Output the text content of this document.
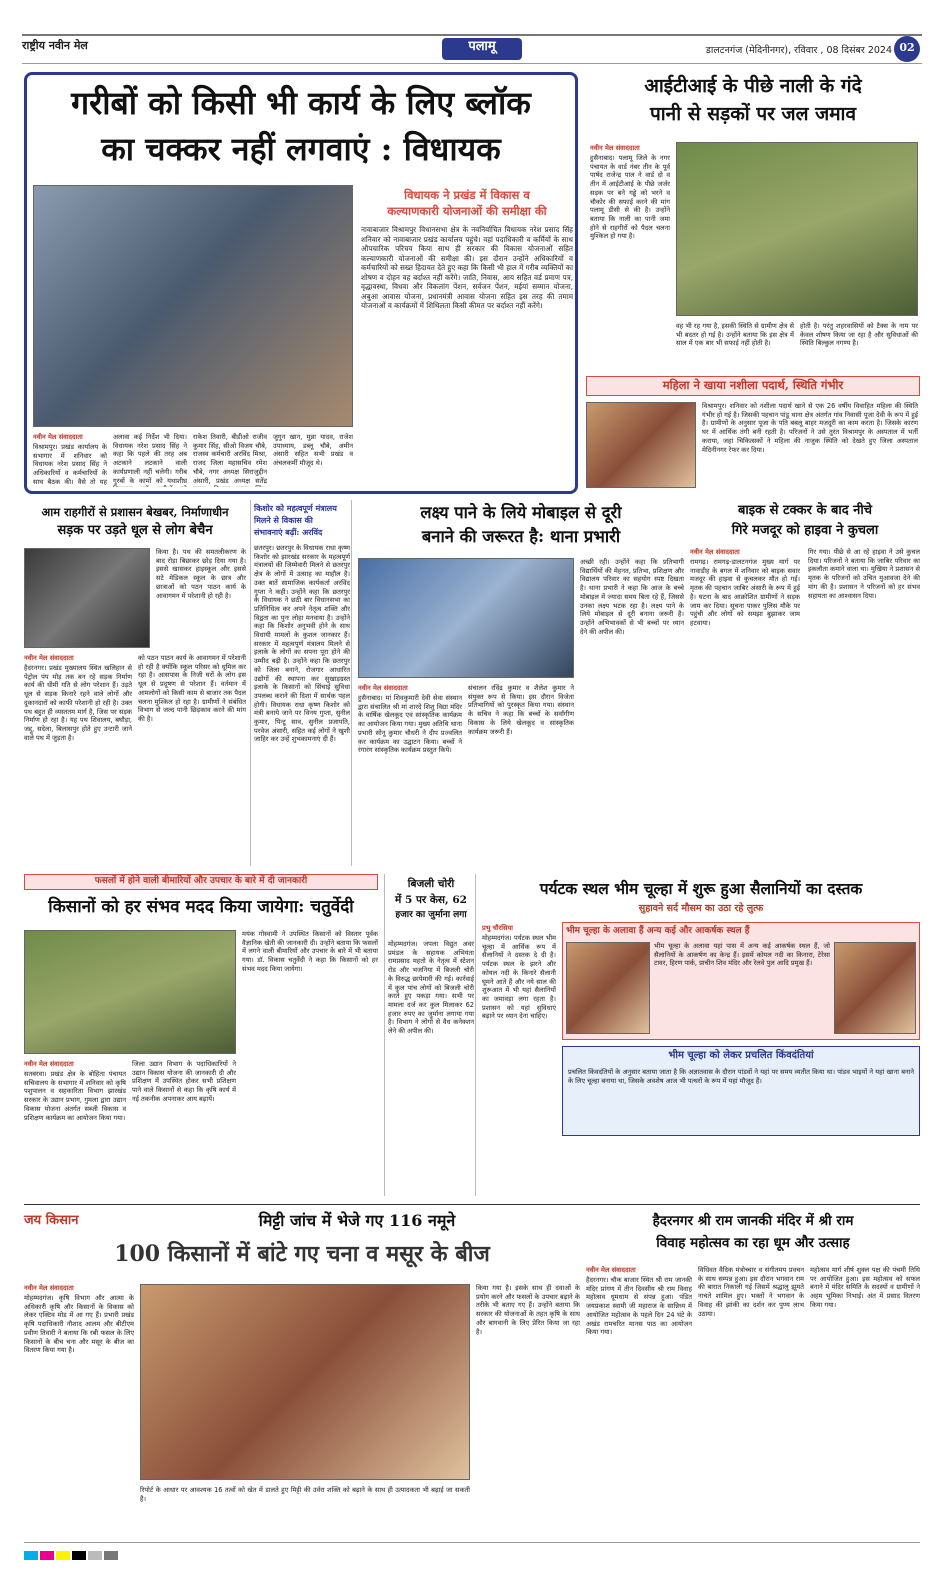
राष्ट्रीय नवीन मेल	पलामू	डालटनगंज (मेदिनीनगर), रविवार , 08 दिसंबर 2024 02
गरीबों को किसी भी कार्य के लिए ब्लॉक
का चक्कर नहीं लगवाएं : विधायक
विधायक ने प्रखंड में विकास व
कल्याणकारी योजनाओं की समीक्षा की
नावाबाजार विश्रामपुर विधानसभा क्षेत्र के नवनिर्वाचित विधायक नरेश प्रसाद सिंह शनिवार को नावाबाजार प्रखंड कार्यालय पहुंचे। वहां पदाधिकारी व कर्मियों के साथ औपचारिक परिचय किया साथ ही सरकार की विकास योजनाओं सहित कल्याणकारी योजनाओं की समीक्षा की। इस दौरान उन्होंने अधिकारियों व कर्मचारियों को सख्त हिदायत देते हुए कहा कि किसी भी हाल में गरीब व्यक्तियों का शोषण व दोहन वह बर्दाश्त नहीं करेंगे। जाति, निवास, आय सहित वर्ड प्रमाण पत्र, वृद्धावस्था, विधवा और विकलांग पेंशन, सर्वजन पेंशन, मईयां सम्मान योजना, अबुआ आवास योजना, प्रधानमंत्री आवास योजना सहित इस तरह की तमाम योजनाओं व कार्यक्रमों में शिथिलता किसी कीमत पर बर्दाश्त नहीं करेंगे।
नवीन मेल संवाददाता
विश्रामपुर। प्रखंड कार्यालय के सभागार में शनिवार को विधायक नरेश प्रसाद सिंह ने अधिकारियों व कर्मचारियों के साथ बैठक की। वैसे तो यह
अलावा कई निर्देश भी दिया। विधायक नरेश प्रसाद सिंह ने कहा कि पहले की तरह अब अटकाने लटकाने वाली कार्यप्रणाली नहीं चलेगी। गरीब गुरबों के कामों को यथाशीघ्र
राकेश तिवारी, बीडीओ राजीव कुमार सिंह, सीओ विजय चौबे, राजस्व कर्मचारी अरविंद मिश्रा, राजद जिला महासचिव रमेश चौबे, नगर अध्यक्ष सिराजुद्दीन अंसारी, प्रखंड अध्यक्ष सतेंद्र
जुगुन खान, मुन्ना यादव, राजेश उपाध्याय, डब्लू चौबे, अमीन अंसारी सहित सभी प्रखंड व अंचलकर्मी मौजूद थे।
आईटीआई के पीछे नाली के गंदे
पानी से सड़कों पर जल जमाव
नवीन मेल संवाददाता
हुसैनाबाद। पलामू जिले के नगर पंचायत के वार्ड नंबर तीन के पूर्व पार्षद राजेन्द्र पाल ने वार्ड दो व तीन में आईटीआई के पीछे जर्जर सड़क पर बने गड्ढे को भरने व चौकोर की सफाई करने की मांग पलामू डीसी से की है। उन्होंने बताया कि नाली का पानी जमा होने से राहगीरों को पैदल चलना मुश्किल हो गया है।
वह भी रह गया है, इसकी स्थिति से ग्रामीण क्षेत्र से भी बदतर हो गई है। उन्होंने बताया कि इस क्षेत्र में साल में एक बार भी सफाई नहीं होती है।
होती है। परंतु शहरवासियों को टैक्स के नाम पर केवल शोषण किया जा रहा है और सुविधाओं की स्थिति बिल्कुल नगण्य है।
महिला ने खाया नशीला पदार्थ, स्थिति गंभीर
विश्रामपुर। शनिवार को नशीला पदार्थ खाने से एक 26 वर्षीय विवाहित महिला की स्थिति गंभीर हो गई है। जिसकी पहचान पांडू थाना क्षेत्र अंतर्गत गांव निवासी पूजा देवी के रूप में हुई है। ग्रामीणों के अनुसार पूजा के पति बबलू बाहर मजदूरी का काम करता है। जिसके कारण घर में आर्थिक तंगी बनी रहती है। परिजनों ने उसे तुरंत विश्रामपुर के अस्पताल में भर्ती कराया, जहां चिकित्सकों ने महिला की नाजुक स्थिति को देखते हुए जिला अस्पताल मेदिनीनगर रेफर कर दिया।
आम राहगीरों से प्रशासन बेखबर, निर्माणाधीन
सड़क पर उड़ते धूल से लोग बेचैन
किया है। पथ की समतलीकरण के बाद रोड़ा बिछाकर छोड़ दिया गया है। इससे खासकर हाइस्कूल और इससे सटे मेडिकल स्कूल के छात्र और छात्राओं को पठन पाठन कार्य के आवागमन में परेशानी हो रही है।
नवीन मेल संवाददाता
हैदरनगर। प्रखंड मुख्यालय स्थित खलिहान से पेट्रोल पंप मोड़ तक बन रहे सड़क निर्माण कार्य की धीमी गति से लोग परेशान हैं। उड़ते धूल से सड़क किनारे रहने वाले लोगों और दुकानदारों को काफी परेशानी हो रही है। उक्त पथ बहुत ही व्यस्ततम मार्ग है, जिस पर सड़क निर्माण हो रहा है। यह पथ शिवालय, बघौड़ा, जद्दू, सदेला, बिलासपुर होते हुए उन्टारी जाने वाले पथ में जुड़ता है।
को पठन पाठन कार्य के आवागमन में परेशानी हो रही है क्योंकि स्कूल परिसर को धूमिल कर रहा है। आसपास के निजी घरों के लोग इस धूल से प्रदूषण से परेशान हैं। वर्तमान में आमलोगों को किसी काम से बाजार तक पैदल चलना मुश्किल हो रहा है। ग्रामीणों ने संबंधित विभाग से जल्द पानी छिड़काव करने की मांग की है।
किशोर को महत्वपूर्ण मंत्रालय
मिलने से विकास की
संभावनाएं बढ़ीं: अरविंद
छतरपुर। छतरपुर के विधायक राधा कृष्ण किशोर को झारखंड सरकार के महत्वपूर्ण मंत्रालयों की जिम्मेवारी मिलने से छतरपुर क्षेत्र के लोगों में उत्साह का माहौल है। उक्त बातें सामाजिक कार्यकर्ता अरविंद गुप्ता ने कही। उन्होंने कहा कि छतरपुर के विधायक ने छठी बार विधानसभा का प्रतिनिधित्व कर अपने नेतृत्व शक्ति और विद्वता का पुनः लोहा मनवाया है। उन्होंने कहा कि किशोर अनुभवी होने के साथ विधायी मामलों के कुशल जानकार हैं। सरकार में महत्वपूर्ण मंत्रालय मिलने से इलाके के लोगों का सपना पूरा होने की उम्मीद बढ़ी है। उन्होंने कहा कि छतरपुर को जिला बनाने, रोजगार आधारित उद्योगों की स्थापना कर सुखाड़ग्रस्त इलाके के किसानों को सिंचाई सुविधा उपलब्ध कराने की दिशा में सार्थक पहल होगी। विधायक राधा कृष्ण किशोर को मंत्री बनाये जाने पर विनय गुप्ता, सुनील कुमार, पिन्टू साव, सुनील प्रजापति, परवेज अंसारी, सहित कई लोगों ने खुशी जाहिर कर उन्हें शुभकामनाएं दी हैं।
लक्ष्य पाने के लिये मोबाइल से दूरी
बनाने की जरूरत है: थाना प्रभारी
अच्छी रही। उन्होंने कहा कि प्रतिभागी विद्यार्थियों की मेहनत, प्रतिभा, प्रशिक्षण और विद्यालय परिवार का सहयोग स्पष्ट दिखता है। थाना प्रभारी ने कहा कि आज के बच्चे मोबाइल में ज्यादा समय बिता रहे हैं, जिससे उनका लक्ष्य भटक रहा है। लक्ष्य पाने के लिये मोबाइल से दूरी बनाना जरूरी है। उन्होंने अभिभावकों से भी बच्चों पर ध्यान देने की अपील की।
नवीन मेल संवाददाता
हुसैनाबाद। मां शिवकुमारी देवी सेवा संस्थान द्वारा संचालित श्री मां शारदे शिशु विद्या मंदिर के वार्षिक खेलकूद एवं सांस्कृतिक कार्यक्रम का आयोजन किया गया। मुख्य अतिथि थाना प्रभारी सोनू कुमार चौधरी ने दीप प्रज्वलित कर कार्यक्रम का उद्घाटन किया। बच्चों ने रंगारंग सांस्कृतिक कार्यक्रम प्रस्तुत किये।
संचालन रविंद्र कुमार व शैलेश कुमार ने संयुक्त रूप से किया। इस दौरान विजेता प्रतिभागियों को पुरस्कृत किया गया। संस्थान के सचिव ने कहा कि बच्चों के सर्वांगीण विकास के लिये खेलकूद व सांस्कृतिक कार्यक्रम जरूरी हैं।
बाइक से टक्कर के बाद नीचे
गिरे मजदूर को हाइवा ने कुचला
नवीन मेल संवाददाता
रामगढ़। रामगढ़-डालटनगंज मुख्य मार्ग पर नावाडीह के बगल में शनिवार को बाइक सवार मजदूर की हाइवा से कुचलकर मौत हो गई। मृतक की पहचान जाबिर अंसारी के रूप में हुई है। घटना के बाद आक्रोशित ग्रामीणों ने सड़क जाम कर दिया। सूचना पाकर पुलिस मौके पर पहुंची और लोगों को समझा बुझाकर जाम हटवाया।
गिर गया। पीछे से आ रहे हाइवा ने उसे कुचल दिया। परिजनों ने बताया कि जाबिर परिवार का इकलौता कमाने वाला था। मुखिया ने प्रशासन से मृतक के परिजनों को उचित मुआवजा देने की मांग की है। प्रशासन ने परिजनों को हर संभव सहायता का आश्वासन दिया।
फसलों में होने वाली बीमारियों और उपचार के बारे में दी जानकारी
किसानों को हर संभव मदद किया जायेगा: चतुर्वेदी
मयंक गोस्वामी ने उपस्थित किसानों को विस्तार पूर्वक वैज्ञानिक खेती की जानकारी दी। उन्होंने बताया कि फसलों में लगने वाली बीमारियों और उपचार के बारे में भी बताया गया। डॉ. विकास चतुर्वेदी ने कहा कि किसानों को हर संभव मदद किया जायेगा।
नवीन मेल संवाददाता
सतबरवा। प्रखंड क्षेत्र के बोहिता पंचायत सचिवालय के सभागार में शनिवार को कृषि पशुपालन व सहकारिता विभाग झारखंड सरकार के उद्यान प्रभाग, गुमला द्वारा उद्यान विकास योजना अंतर्गत सब्जी विकास व प्रशिक्षण कार्यक्रम का आयोजन किया गया।
जिला उद्यान विभाग के पदाधिकारियों ने उद्यान विकास योजना की जानकारी दी और प्रशिक्षण में उपस्थित होकर सभी प्रशिक्षण पाने वाले किसानों से कहा कि कृषि कार्य में नई तकनीक अपनाकर आय बढ़ायें।
बिजली चोरी
में 5 पर केस, 62
हजार का जुर्माना लगा
मोहम्मदगंज। जपला विद्युत अवर प्रमंडल के सहायक अभियंता रामप्रसाद महतो के नेतृत्व में स्टेशन रोड और भजनिया में बिजली चोरी के विरुद्ध छापेमारी की गई। कार्रवाई में कुल पांच लोगों को बिजली चोरी करते हुए पकड़ा गया। सभी पर मामला दर्ज कर कुल मिलाकर 62 हजार रुपए का जुर्माना लगाया गया है। विभाग ने लोगों से वैध कनेक्शन लेने की अपील की।
पर्यटक स्थल भीम चूल्हा में शुरू हुआ सैलानियों का दस्तक
सुहावने सर्द मौसम का उठा रहे लुत्फ
प्रभु चौरसिया
मोहम्मदगंज। पर्यटक स्थल भीम चूल्हा में आर्थिक रूप में सैलानियों ने दस्तक दे दी है। पर्यटक स्थल के झरने और कोयल नदी के किनारे सैलानी घूमने आते हैं और नये साल की शुरूआत में भी यहां सैलानियों का जमावड़ा लगा रहता है। प्रशासन को यहां सुविधाएं बढ़ाने पर ध्यान देना चाहिए।
भीम चूल्हा के अलावा हैं अन्य कई और आकर्षक स्थल हैं
भीम चूल्हा के अलावा यहां पास में अन्य कई आकर्षक स्थल हैं, जो सैलानियों के आकर्षण का केन्द्र हैं। इसमें कोयल नदी का किनारा, टेरेसा टावर, हिरण पार्क, प्राचीन शिव मंदिर और रेलवे पुल आदि प्रमुख हैं।
भीम चूल्हा को लेकर प्रचलित किंवदंतियां
प्रचलित किंवदंतियों के अनुसार बताया जाता है कि अज्ञातवास के दौरान पांडवों ने यहां पर समय व्यतीत किया था। पांडव भाइयों ने यहां खाना बनाने के लिए चूल्हा बनाया था, जिसके अवशेष आज भी पत्थरों के रूप में यहां मौजूद हैं।
जय किसान	मिट्टी जांच में भेजे गए 116 नमूने
100 किसानों में बांटे गए चना व मसूर के बीज
नवीन मेल संवाददाता
मोहम्मदगंज। कृषि विभाग और आत्मा के अधिकारी कृषि और किसानों के विकास को लेकर एक्टिव मोड में आ गए हैं। प्रभारी प्रखंड कृषि पदाधिकारी नौशाद आलम और बीटीएम प्रवीण तिवारी ने बताया कि रबी फसल के लिए किसानों के बीच चना और मसूर के बीज का वितरण किया गया है।
रिपोर्ट के आधार पर आवश्यक 16 तत्वों को खेत में डालते हुए मिट्टी की उर्वरा शक्ति को बढ़ाने के साथ ही उत्पादकता भी बढ़ाई जा सकती है।
किया गया है। इसके साथ ही दवाओं के प्रयोग करने और फसलों के उपचार बढ़ाने के तरीके भी बताए गए हैं। उन्होंने बताया कि सरकार की योजनाओं के तहत कृषि के साथ और बागवानी के लिए प्रेरित किया जा रहा है।
हैदरनगर श्री राम जानकी मंदिर में श्री राम
विवाह महोत्सव का रहा धूम और उत्साह
नवीन मेल संवाददाता
हैदरनगर। चौक बाजार स्थित श्री राम जानकी मंदिर प्रांगण में तीन दिवसीय श्री राम विवाह महोत्सव धूमधाम से संपन्न हुआ। पंडित जयप्रकाश स्वामी जी महाराज के सान्निध्य में आयोजित महोत्सव के पहले दिन 24 घंटे के अखंड रामचरित मानस पाठ का आयोजन किया गया।
विधिवत वैदिक मंत्रोच्चार व संगीतमय प्रवचन के साथ सम्पन्न हुआ। इस दौरान भगवान राम की बारात निकाली गई जिसमें श्रद्धालु झूमते नाचते शामिल हुए। भक्तों ने भगवान के विवाह की झांकी का दर्शन कर पुण्य लाभ उठाया।
महोत्सव मार्ग शीर्ष शुक्ल पक्ष की पंचमी तिथि पर आयोजित हुआ। इस महोत्सव को सफल बनाने में मंदिर समिति के सदस्यों व ग्रामीणों ने अहम भूमिका निभाई। अंत में प्रसाद वितरण किया गया।
